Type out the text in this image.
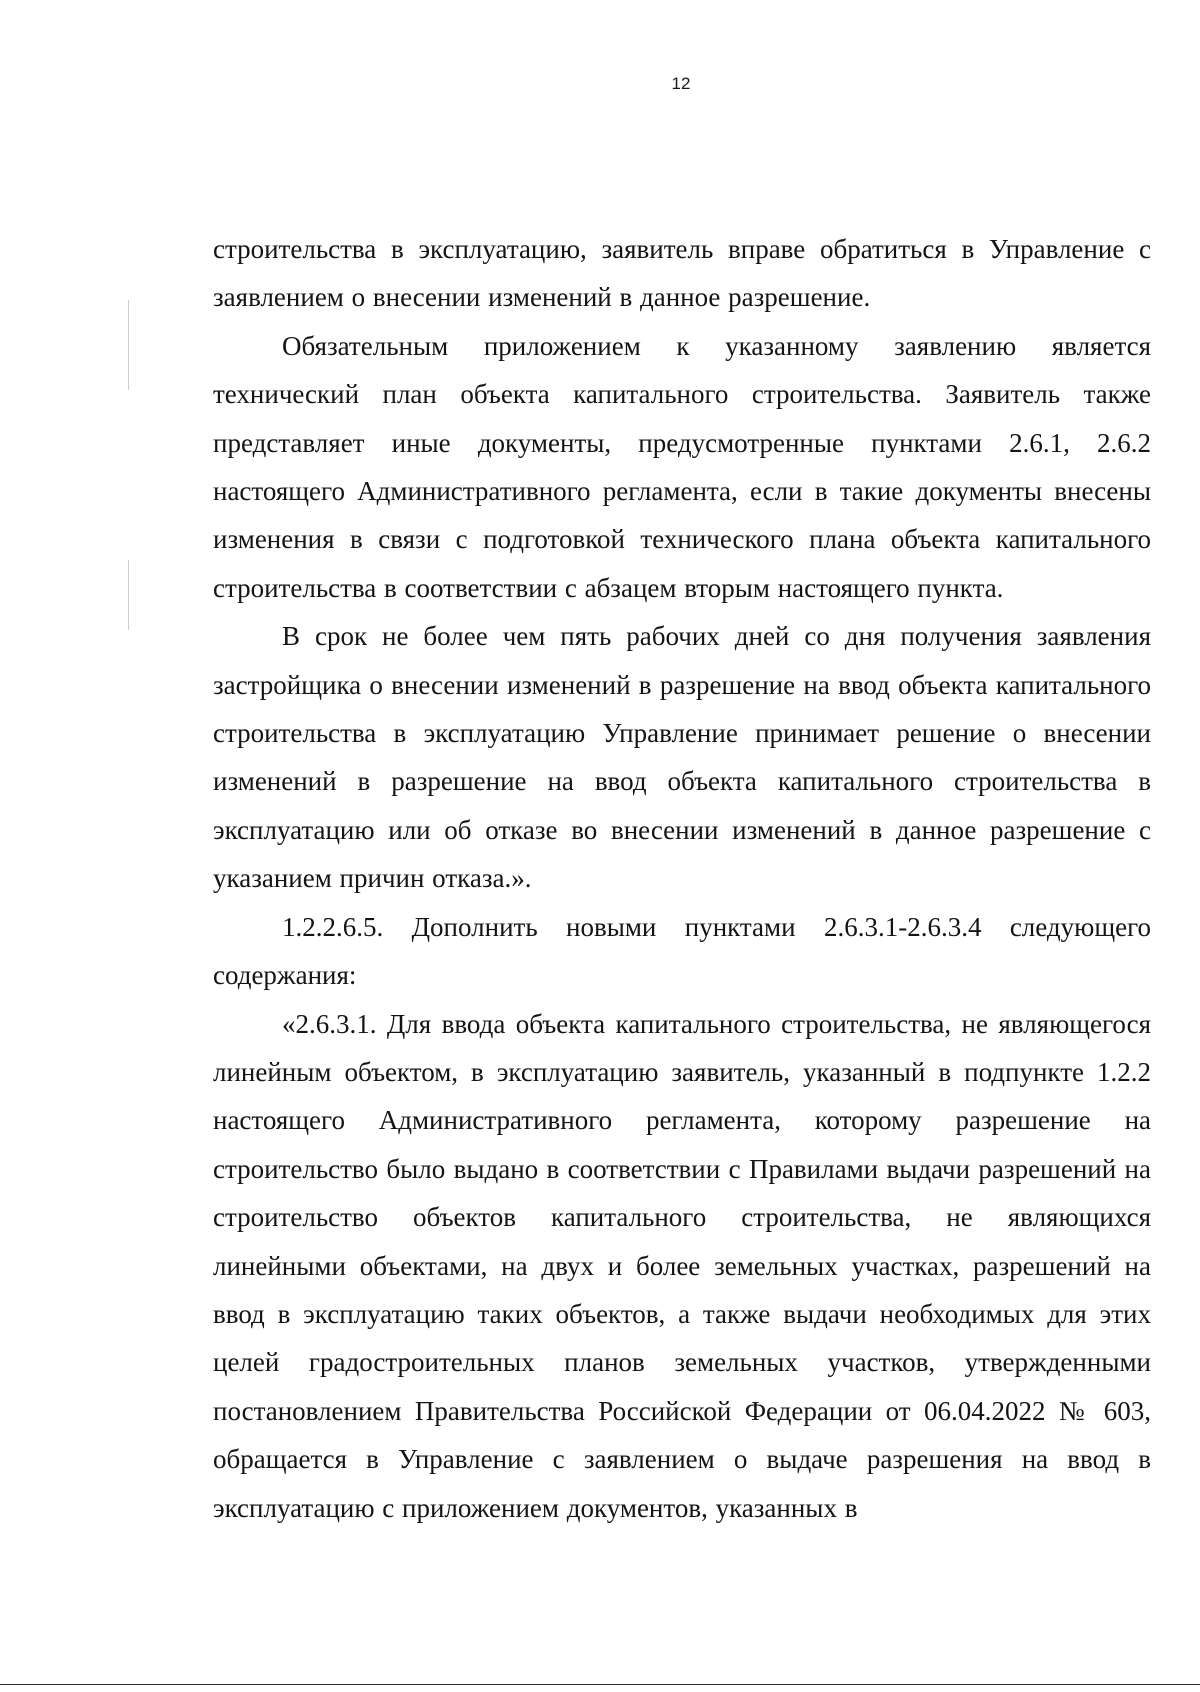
12

строительства в эксплуатацию, заявитель вправе обратиться в Управление с заявлением о внесении изменений в данное разрешение.

Обязательным приложением к указанному заявлению является технический план объекта капитального строительства. Заявитель также представляет иные документы, предусмотренные пунктами 2.6.1, 2.6.2 настоящего Административного регламента, если в такие документы внесены изменения в связи с подготовкой технического плана объекта капитального строительства в соответствии с абзацем вторым настоящего пункта.

В срок не более чем пять рабочих дней со дня получения заявления застройщика о внесении изменений в разрешение на ввод объекта капитального строительства в эксплуатацию Управление принимает решение о внесении изменений в разрешение на ввод объекта капитального строительства в эксплуатацию или об отказе во внесении изменений в данное разрешение с указанием причин отказа.».

1.2.2.6.5. Дополнить новыми пунктами 2.6.3.1-2.6.3.4 следующего содержания:

«2.6.3.1. Для ввода объекта капитального строительства, не являющегося линейным объектом, в эксплуатацию заявитель, указанный в подпункте 1.2.2 настоящего Административного регламента, которому разрешение на строительство было выдано в соответствии с Правилами выдачи разрешений на строительство объектов капитального строительства, не являющихся линейными объектами, на двух и более земельных участках, разрешений на ввод в эксплуатацию таких объектов, а также выдачи необходимых для этих целей градостроительных планов земельных участков, утвержденными постановлением Правительства Российской Федерации от 06.04.2022 № 603, обращается в Управление с заявлением о выдаче разрешения на ввод в эксплуатацию с приложением документов, указанных в
